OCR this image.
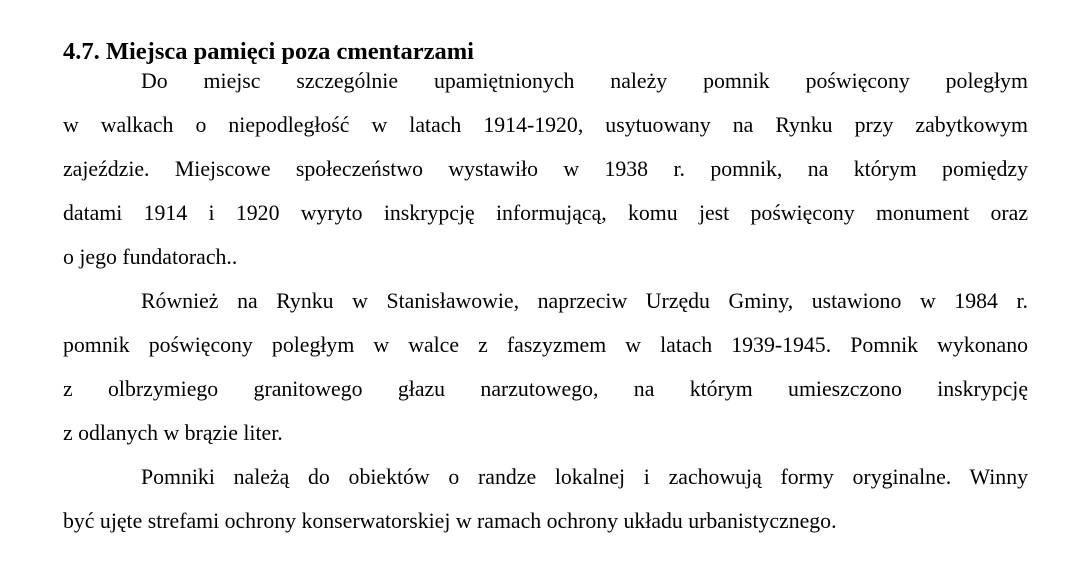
4.7. Miejsca pamięci poza cmentarzami
Do miejsc szczególnie upamiętnionych należy pomnik poświęcony poległym
w walkach o niepodległość w latach 1914-1920, usytuowany na Rynku przy zabytkowym
zajeździe. Miejscowe społeczeństwo wystawiło w 1938 r. pomnik, na którym pomiędzy
datami 1914 i 1920 wyryto inskrypcję informującą, komu jest poświęcony monument oraz
o jego fundatorach..
Również na Rynku w Stanisławowie, naprzeciw Urzędu Gminy, ustawiono w 1984 r.
pomnik poświęcony poległym w walce z faszyzmem w latach 1939-1945. Pomnik wykonano
z olbrzymiego granitowego głazu narzutowego, na którym umieszczono inskrypcję
z odlanych w brązie liter.
Pomniki należą do obiektów o randze lokalnej i zachowują formy oryginalne. Winny
być ujęte strefami ochrony konserwatorskiej w ramach ochrony układu urbanistycznego.
